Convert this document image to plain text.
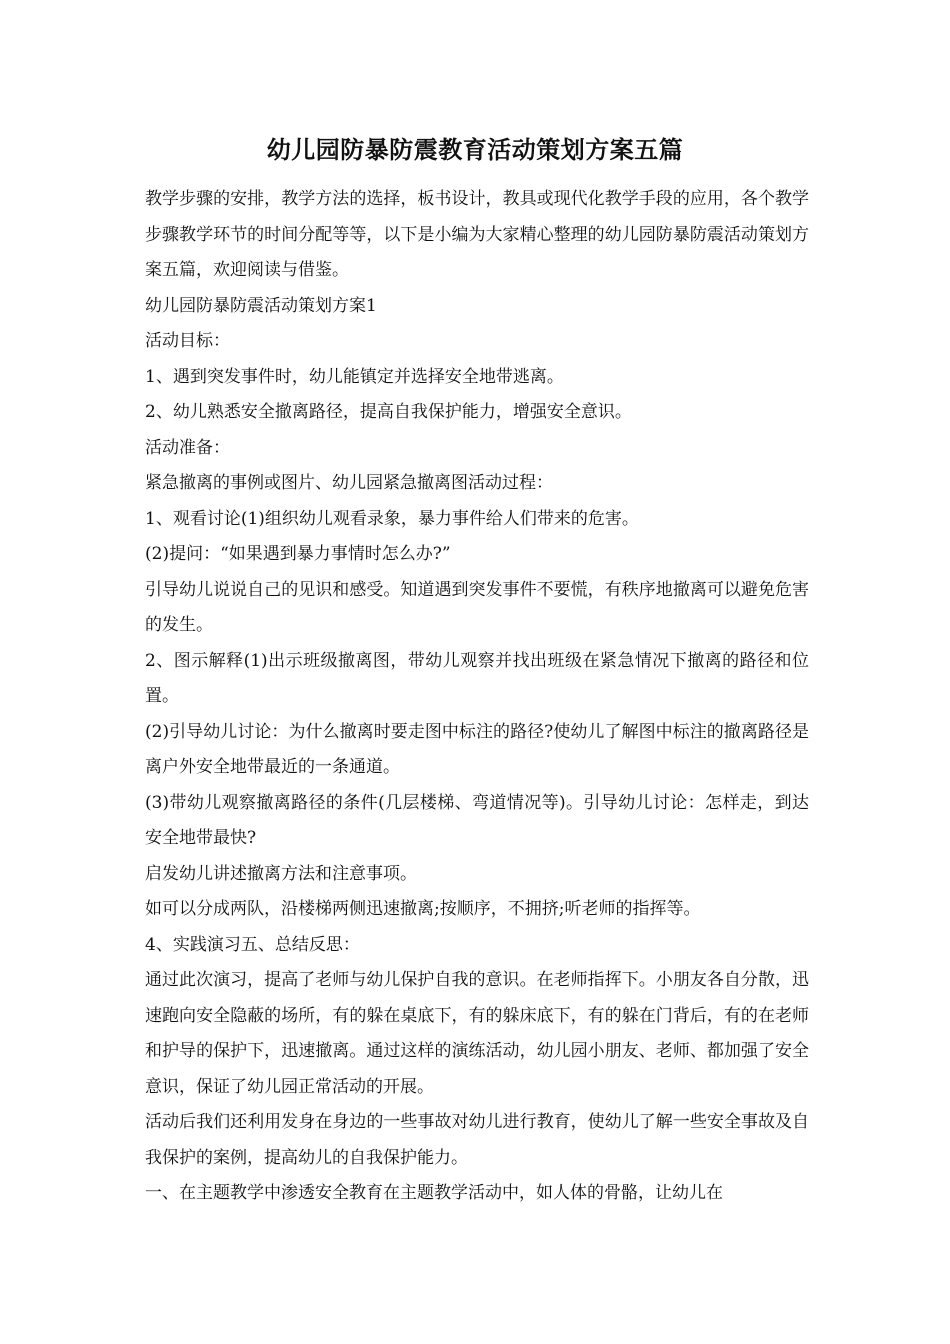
幼儿园防暴防震教育活动策划方案五篇

教学步骤的安排，教学方法的选择，板书设计，教具或现代化教学手段的应用，各个教学步骤教学环节的时间分配等等，以下是小编为大家精心整理的幼儿园防暴防震活动策划方案五篇，欢迎阅读与借鉴。

幼儿园防暴防震活动策划方案1

活动目标：

1、遇到突发事件时，幼儿能镇定并选择安全地带逃离。

2、幼儿熟悉安全撤离路径，提高自我保护能力，增强安全意识。

活动准备：

紧急撤离的事例或图片、幼儿园紧急撤离图活动过程：

1、观看讨论(1)组织幼儿观看录象，暴力事件给人们带来的危害。

(2)提问：“如果遇到暴力事情时怎么办?”

引导幼儿说说自己的见识和感受。知道遇到突发事件不要慌，有秩序地撤离可以避免危害的发生。

2、图示解释(1)出示班级撤离图，带幼儿观察并找出班级在紧急情况下撤离的路径和位置。

(2)引导幼儿讨论：为什么撤离时要走图中标注的路径?使幼儿了解图中标注的撤离路径是离户外安全地带最近的一条通道。

(3)带幼儿观察撤离路径的条件(几层楼梯、弯道情况等)。引导幼儿讨论：怎样走，到达安全地带最快?

启发幼儿讲述撤离方法和注意事项。

如可以分成两队，沿楼梯两侧迅速撤离;按顺序，不拥挤;听老师的指挥等。

4、实践演习五、总结反思：

通过此次演习，提高了老师与幼儿保护自我的意识。在老师指挥下。小朋友各自分散，迅速跑向安全隐蔽的场所，有的躲在桌底下，有的躲床底下，有的躲在门背后，有的在老师和护导的保护下，迅速撤离。通过这样的演练活动，幼儿园小朋友、老师、都加强了安全意识，保证了幼儿园正常活动的开展。

活动后我们还利用发身在身边的一些事故对幼儿进行教育，使幼儿了解一些安全事故及自我保护的案例，提高幼儿的自我保护能力。

一、在主题教学中渗透安全教育在主题教学活动中，如人体的骨骼，让幼儿在
